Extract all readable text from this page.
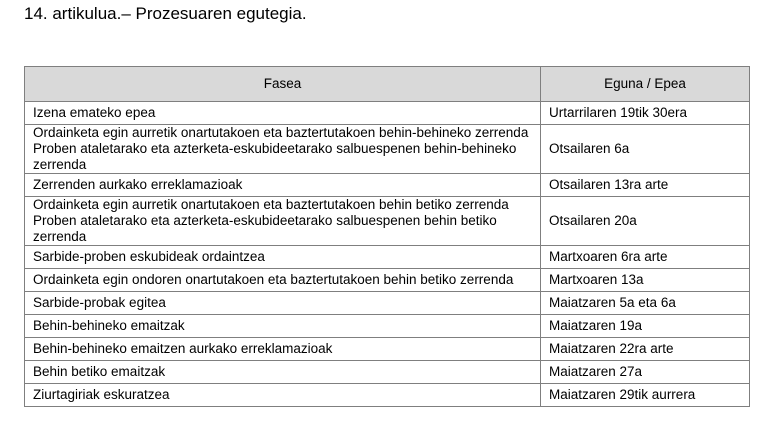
14. artikulua.– Prozesuaren egutegia.
Fasea	Eguna / Epea

Izena emateko epea	Urtarrilaren 19tik 30era

Ordainketa egin aurretik onartutakoen eta baztertutakoen behin-behineko zerrenda
Proben ataletarako eta azterketa-eskubideetarako salbuespenen behin-behineko zerrenda	Otsailaren 6a

Zerrenden aurkako erreklamazioak	Otsailaren 13ra arte

Ordainketa egin aurretik onartutakoen eta baztertutakoen behin betiko zerrenda
Proben ataletarako eta azterketa-eskubideetarako salbuespenen behin betiko zerrenda	Otsailaren 20a

Sarbide-proben eskubideak ordaintzea	Martxoaren 6ra arte

Ordainketa egin ondoren onartutakoen eta baztertutakoen behin betiko zerrenda	Martxoaren 13a

Sarbide-probak egitea	Maiatzaren 5a eta 6a

Behin-behineko emaitzak	Maiatzaren 19a

Behin-behineko emaitzen aurkako erreklamazioak	Maiatzaren 22ra arte

Behin betiko emaitzak	Maiatzaren 27a

Ziurtagiriak eskuratzea	Maiatzaren 29tik aurrera
